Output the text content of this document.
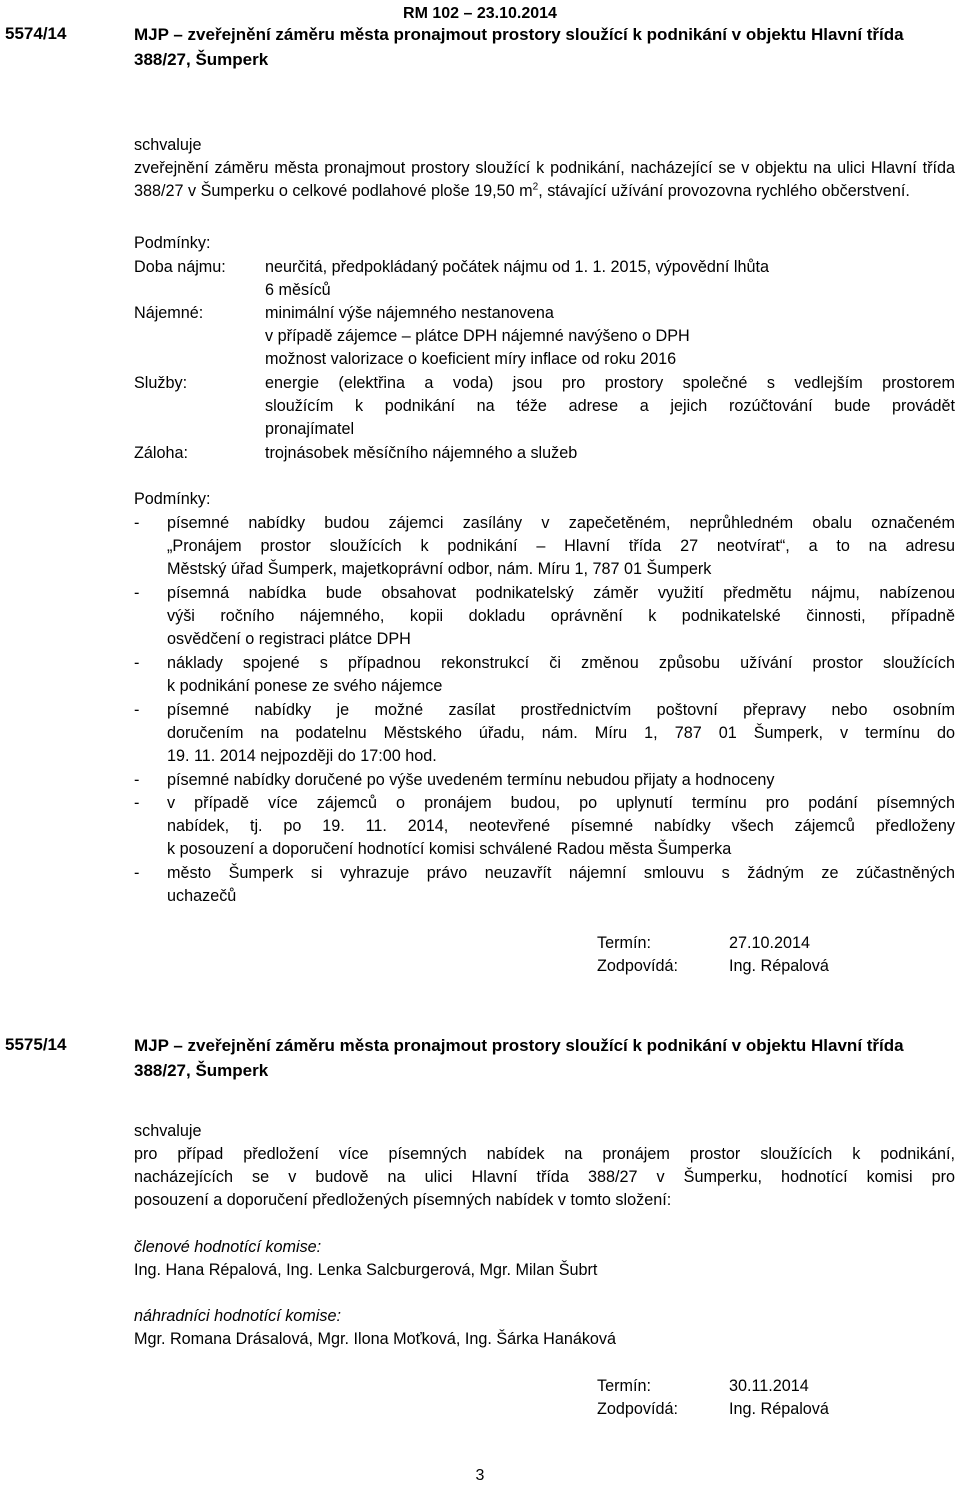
RM 102 – 23.10.2014
5574/14	MJP – zveřejnění záměru města pronajmout prostory sloužící k podnikání v objektu Hlavní třída 388/27, Šumperk
schvaluje
zveřejnění záměru města pronajmout prostory sloužící k podnikání, nacházející se v objektu na ulici Hlavní třída 388/27 v Šumperku o celkové podlahové ploše 19,50 $m^2$, stávající užívání provozovna rychlého občerstvení.
Podmínky:
Doba nájmu: neurčitá, předpokládaný počátek nájmu od 1. 1. 2015, výpovědní lhůta
6 měsíců
Nájemné:	minimální výše nájemného nestanovena
v případě zájemce – plátce DPH nájemné navýšeno o DPH
možnost valorizace o koeficient míry inflace od roku 2016
Služby:	energie (elektřina a voda) jsou pro prostory společné s vedlejším prostorem
sloužícím k podnikání na téže adrese a jejich rozúčtování bude provádět
pronajímatel
Záloha:	trojnásobek měsíčního nájemného a služeb
Podmínky:
- písemné nabídky budou zájemci zasílány v zapečetěném, neprůhledném obalu označeném
„Pronájem prostor sloužících k podnikání – Hlavní třída 27 neotvírat“, a to na adresu
Městský úřad Šumperk, majetkoprávní odbor, nám. Míru 1, 787 01 Šumperk
- písemná nabídka bude obsahovat podnikatelský záměr využití předmětu nájmu, nabízenou
výši ročního nájemného, kopii dokladu oprávnění k podnikatelské činnosti, případně
osvědčení o registraci plátce DPH
- náklady spojené s případnou rekonstrukcí či změnou způsobu užívání prostor sloužících
k podnikání ponese ze svého nájemce
- písemné nabídky je možné zasílat prostřednictvím poštovní přepravy nebo osobním
doručením na podatelnu Městského úřadu, nám. Míru 1, 787 01 Šumperk, v termínu do
19. 11. 2014 nejpozději do 17:00 hod.
- písemné nabídky doručené po výše uvedeném termínu nebudou přijaty a hodnoceny
- v případě více zájemců o pronájem budou, po uplynutí termínu pro podání písemných
nabídek, tj. po 19. 11. 2014, neotevřené písemné nabídky všech zájemců předloženy
k posouzení a doporučení hodnotící komisi schválené Radou města Šumperka
- město Šumperk si vyhrazuje právo neuzavřít nájemní smlouvu s žádným ze zúčastněných
uchazečů
Termín:	27.10.2014
Zodpovídá:	Ing. Répalová
5575/14	MJP – zveřejnění záměru města pronajmout prostory sloužící k podnikání v objektu Hlavní třída 388/27, Šumperk
schvaluje
pro případ předložení více písemných nabídek na pronájem prostor sloužících k podnikání,
nacházejících se v budově na ulici Hlavní třída 388/27 v Šumperku, hodnotící komisi pro
posouzení a doporučení předložených písemných nabídek v tomto složení:
členové hodnotící komise:
Ing. Hana Répalová, Ing. Lenka Salcburgerová, Mgr. Milan Šubrt
náhradníci hodnotící komise:
Mgr. Romana Drásalová, Mgr. Ilona Moťková, Ing. Šárka Hanáková
Termín:	30.11.2014
Zodpovídá:	Ing. Répalová
3
